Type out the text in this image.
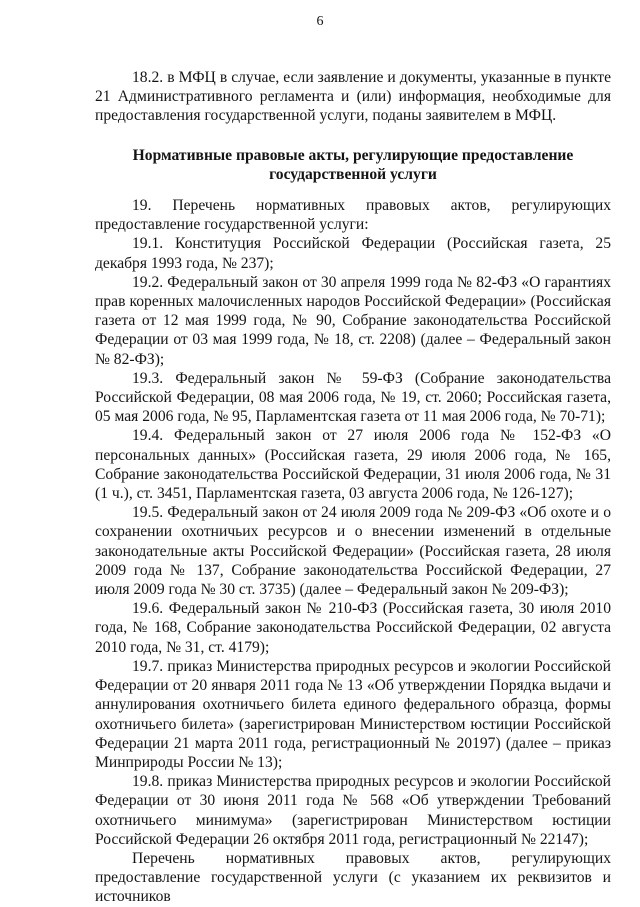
6

18.2. в МФЦ в случае, если заявление и документы, указанные в пункте 21 Административного регламента и (или) информация, необходимые для предоставления государственной услуги, поданы заявителем в МФЦ.

Нормативные правовые акты, регулирующие предоставление государственной услуги

19. Перечень нормативных правовых актов, регулирующих предоставление государственной услуги:

19.1. Конституция Российской Федерации (Российская газета, 25 декабря 1993 года, № 237);

19.2. Федеральный закон от 30 апреля 1999 года № 82-ФЗ «О гарантиях прав коренных малочисленных народов Российской Федерации» (Российская газета от 12 мая 1999 года, № 90, Собрание законодательства Российской Федерации от 03 мая 1999 года, № 18, ст. 2208) (далее – Федеральный закон № 82-ФЗ);

19.3. Федеральный закон № 59-ФЗ (Собрание законодательства Российской Федерации, 08 мая 2006 года, № 19, ст. 2060; Российская газета, 05 мая 2006 года, № 95, Парламентская газета от 11 мая 2006 года, № 70-71);

19.4. Федеральный закон от 27 июля 2006 года № 152-ФЗ «О персональных данных» (Российская газета, 29 июля 2006 года, № 165, Собрание законодательства Российской Федерации, 31 июля 2006 года, № 31 (1 ч.), ст. 3451, Парламентская газета, 03 августа 2006 года, № 126-127);

19.5. Федеральный закон от 24 июля 2009 года № 209-ФЗ «Об охоте и о сохранении охотничьих ресурсов и о внесении изменений в отдельные законодательные акты Российской Федерации» (Российская газета, 28 июля 2009 года № 137, Собрание законодательства Российской Федерации, 27 июля 2009 года № 30 ст. 3735) (далее – Федеральный закон № 209-ФЗ);

19.6. Федеральный закон № 210-ФЗ (Российская газета, 30 июля 2010 года, № 168, Собрание законодательства Российской Федерации, 02 августа 2010 года, № 31, ст. 4179);

19.7. приказ Министерства природных ресурсов и экологии Российской Федерации от 20 января 2011 года № 13 «Об утверждении Порядка выдачи и аннулирования охотничьего билета единого федерального образца, формы охотничьего билета» (зарегистрирован Министерством юстиции Российской Федерации 21 марта 2011 года, регистрационный № 20197) (далее – приказ Минприроды России № 13);

19.8. приказ Министерства природных ресурсов и экологии Российской Федерации от 30 июня 2011 года № 568 «Об утверждении Требований охотничьего минимума» (зарегистрирован Министерством юстиции Российской Федерации 26 октября 2011 года, регистрационный № 22147);

Перечень нормативных правовых актов, регулирующих предоставление государственной услуги (с указанием их реквизитов и источников
